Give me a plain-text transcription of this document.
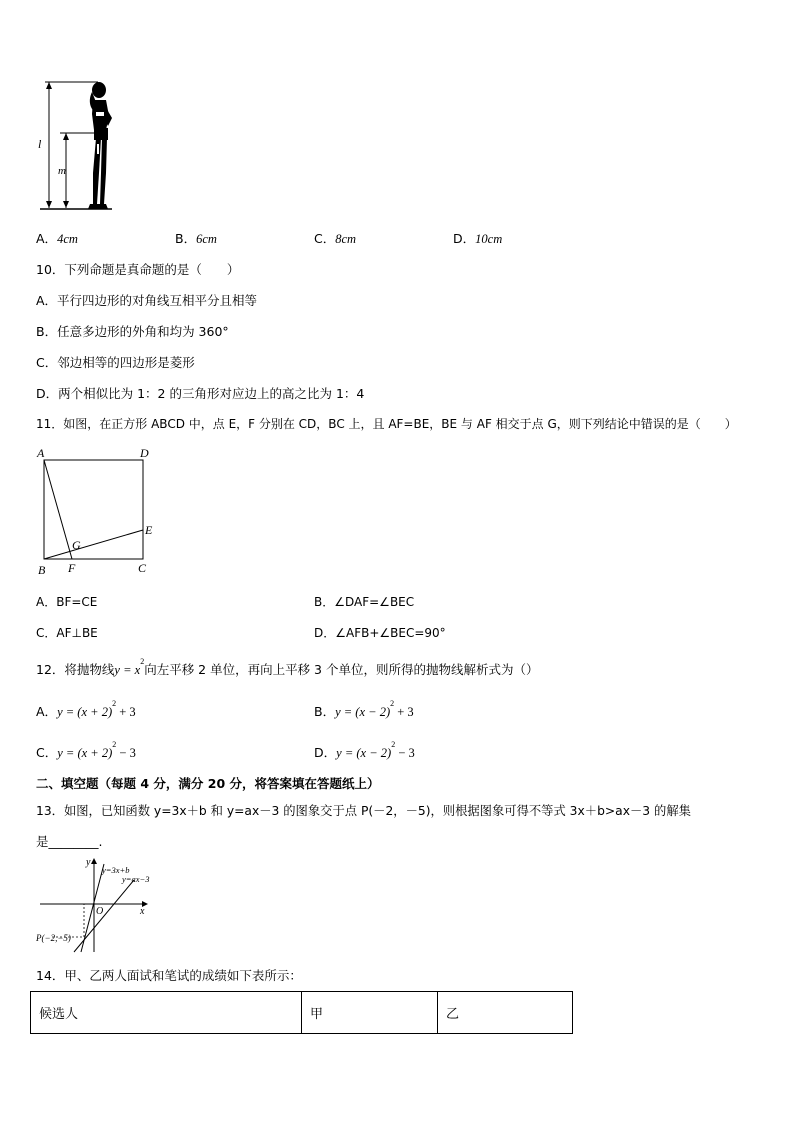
l
m
A．4cm	B．6cm	C．8cm	D．10cm
10．下列命题是真命题的是（　　）
A．平行四边形的对角线互相平分且相等
B．任意多边形的外角和均为 360°
C．邻边相等的四边形是菱形
D．两个相似比为 1：2 的三角形对应边上的高之比为 1：4
11．如图，在正方形 ABCD 中，点 E，F 分别在 CD，BC 上，且 AF=BE，BE 与 AF 相交于点 G，则下列结论中错误的是（　　）
A	D
E
G
B F	C
A．BF=CE	B．∠DAF=∠BEC
C．AF⊥BE	D．∠AFB+∠BEC=90°
12．将抛物线$y = x^2$向左平移 2 单位，再向上平移 3 个单位，则所得的抛物线解析式为（）
A．$y = (x + 2)^2 + 3$	B．$y = (x - 2)^2 + 3$
C．$y = (x + 2)^2 - 3$	D．$y = (x - 2)^2 - 3$
二、填空题（每题 4 分，满分 20 分，将答案填在答题纸上）
13．如图，已知函数 y=3x＋b 和 y=ax－3 的图象交于点 P(－2，－5)，则根据图象可得不等式 3x＋b>ax－3 的解集
是________.
y
x
O
y=3x+b
y=ax−3
P(−2,−5)
14．甲、乙两人面试和笔试的成绩如下表所示：
候选人	甲	乙
